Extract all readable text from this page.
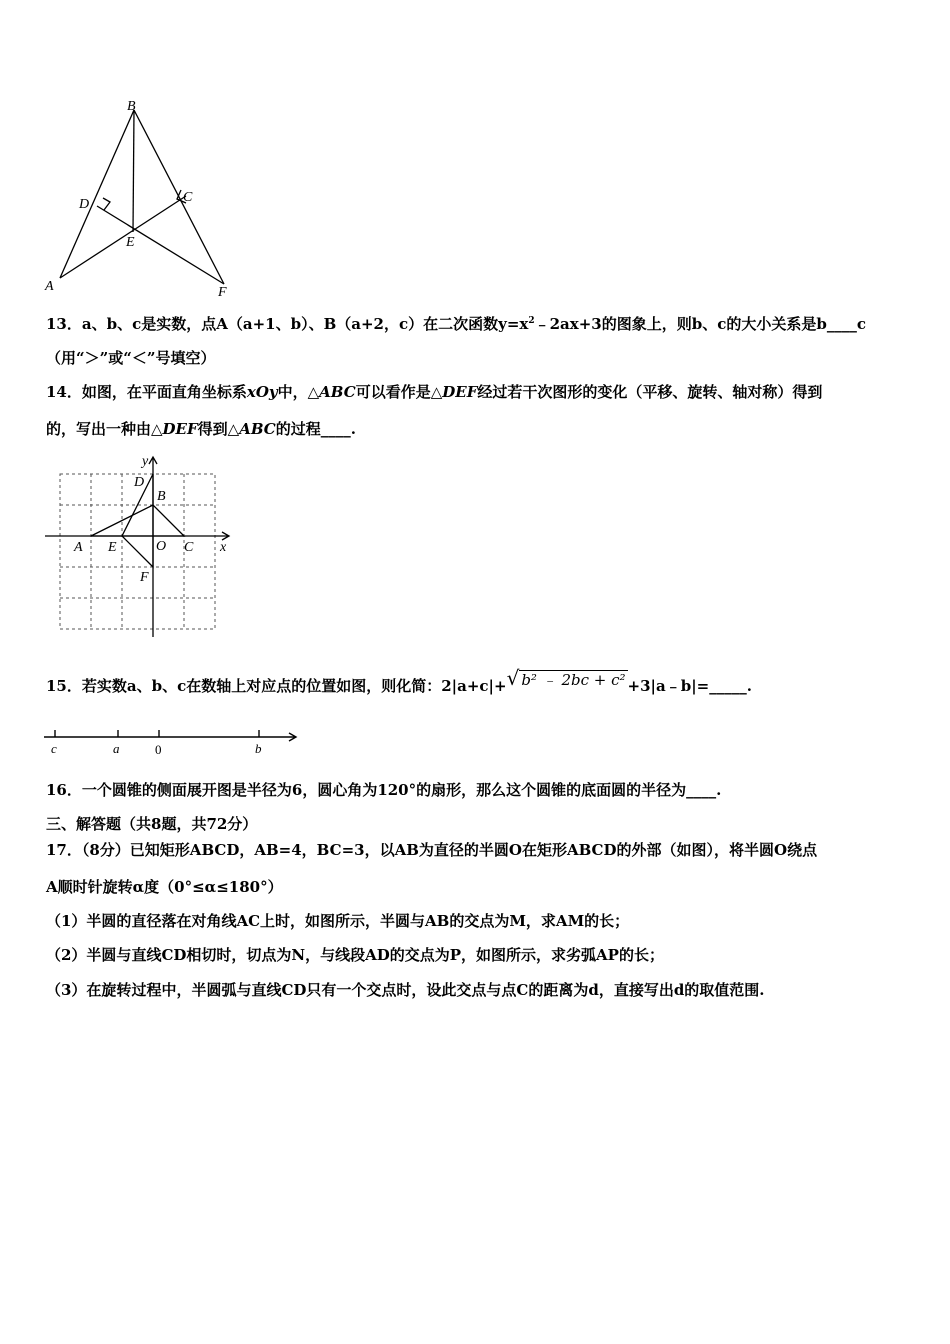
B
D	C
E
A	F
13．a、b、c是实数，点A（a+1、b）、B（a+2，c）在二次函数$y=x^2﹣2ax+3$的图象上，则b、c的大小关系是b____c
（用“＞”或“＜”号填空）
14．如图，在平面直角坐标系xOy中，△ABC可以看作是△DEF经过若干次图形的变化（平移、旋转、轴对称）得到
的，写出一种由△DEF得到△ABC的过程____.
y
D
B
A E	O C x
F
15．若实数a、b、c在数轴上对应点的位置如图，则化简：2|a+c|+√ b² ﹣ 2bc + c² +3|a﹣b|=_____.
c	a	0	b
16．一个圆锥的侧面展开图是半径为6，圆心角为120°的扇形，那么这个圆锥的底面圆的半径为____.
三、解答题（共8题，共72分）
17．（8分）已知矩形ABCD，AB=4，BC=3，以AB为直径的半圆O在矩形ABCD的外部（如图），将半圆O绕点
A顺时针旋转α度（0°≤α≤180°）
（1）半圆的直径落在对角线AC上时，如图所示，半圆与AB的交点为M，求AM的长；
（2）半圆与直线CD相切时，切点为N，与线段AD的交点为P，如图所示，求劣弧AP的长；
（3）在旋转过程中，半圆弧与直线CD只有一个交点时，设此交点与点C的距离为d，直接写出d的取值范围.
